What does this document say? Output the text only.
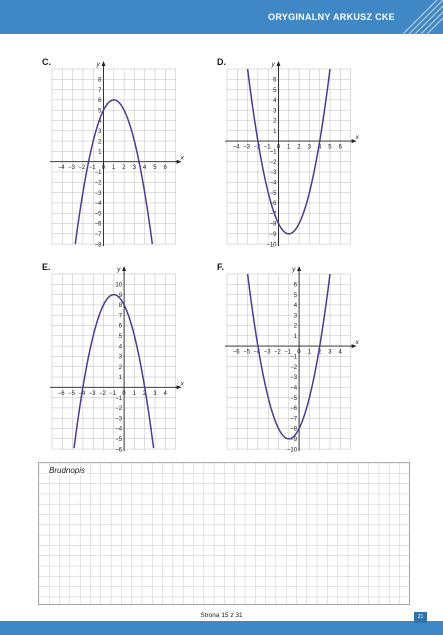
ORYGINALNY ARKUSZ CKE
C.
x
y
−4 −3 −2 −1 0 1 2 3 4 5 6
−8
−7
−6
−5
−4
−3
−2
−1
1
2
3
4
5
6
7
8
D.
x
y
−4 −3 −2 −1 0 1 2 3 4 5 6
−10
−9
−8
−7
−6
−5
−4
−3
−2
−1
1
2
3
4
5
6
E.
x
y
−6 −5 −4 −3 −2 −1 0 1 2 3 4
−6
−5
−4
−3
−2
−1
1
2
3
4
5
6
7
8
9
10
F.
x
y
−6 −5 −4 −3 −2 −1 0 1 2 3 4
−10
−9
−8
−7
−6
−5
−4
−3
−2
−1
1
2
3
4
5
6
Brudnopis
Strona 15 z 31	21
